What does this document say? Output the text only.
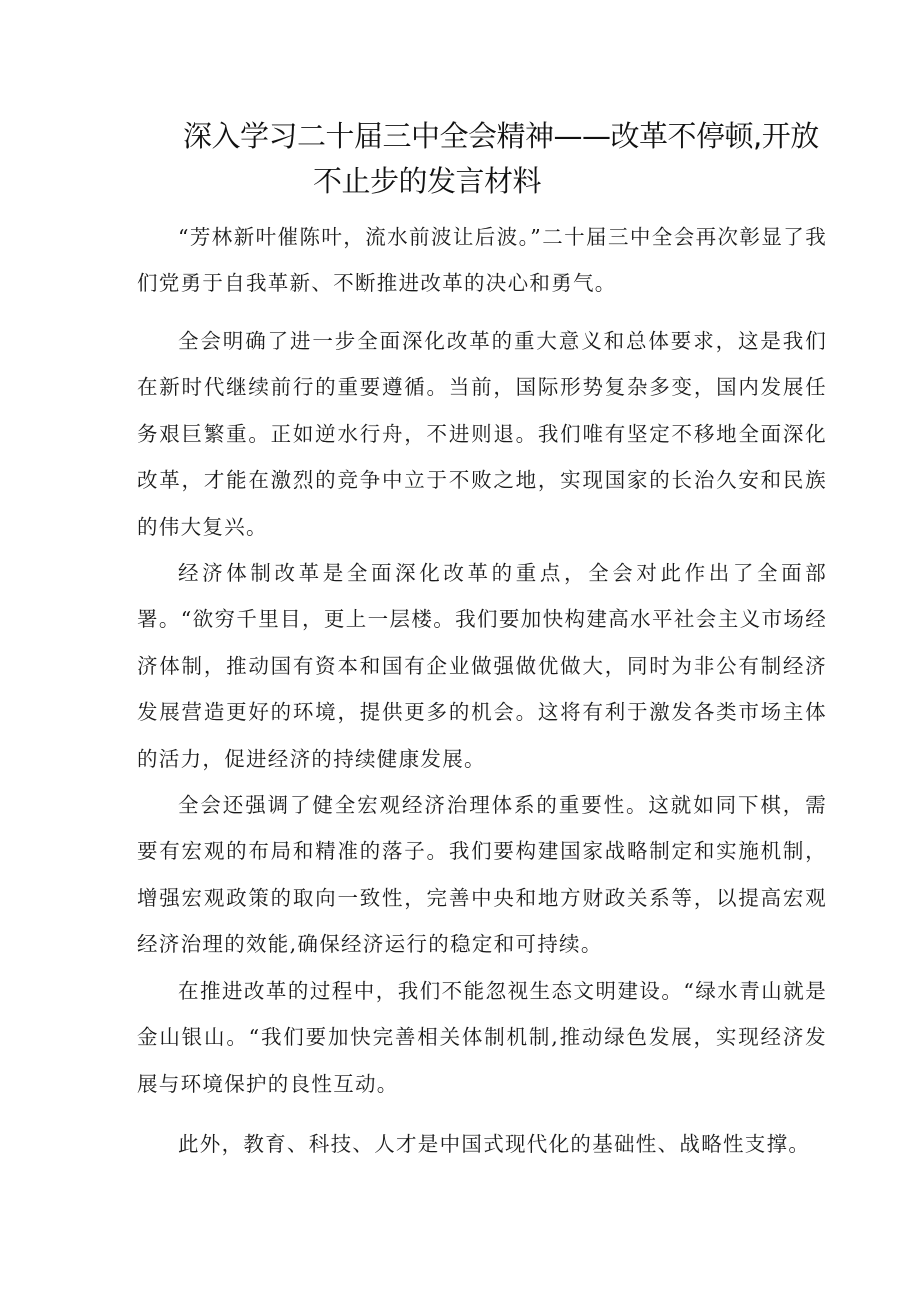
深入学习二十届三中全会精神——改革不停顿,开放
不止步的发言材料

“芳林新叶催陈叶，流水前波让后波。”二十届三中全会再次彰显了我们党勇于自我革新、不断推进改革的决心和勇气。

全会明确了进一步全面深化改革的重大意义和总体要求，这是我们在新时代继续前行的重要遵循。当前，国际形势复杂多变，国内发展任务艰巨繁重。正如逆水行舟，不进则退。我们唯有坚定不移地全面深化改革，才能在激烈的竞争中立于不败之地，实现国家的长治久安和民族的伟大复兴。

经济体制改革是全面深化改革的重点，全会对此作出了全面部署。“欲穷千里目，更上一层楼。我们要加快构建高水平社会主义市场经济体制，推动国有资本和国有企业做强做优做大，同时为非公有制经济发展营造更好的环境，提供更多的机会。这将有利于激发各类市场主体的活力，促进经济的持续健康发展。

全会还强调了健全宏观经济治理体系的重要性。这就如同下棋，需要有宏观的布局和精准的落子。我们要构建国家战略制定和实施机制，增强宏观政策的取向一致性，完善中央和地方财政关系等，以提高宏观经济治理的效能,确保经济运行的稳定和可持续。

在推进改革的过程中，我们不能忽视生态文明建设。“绿水青山就是金山银山。“我们要加快完善相关体制机制,推动绿色发展，实现经济发展与环境保护的良性互动。

此外，教育、科技、人才是中国式现代化的基础性、战略性支撑。
